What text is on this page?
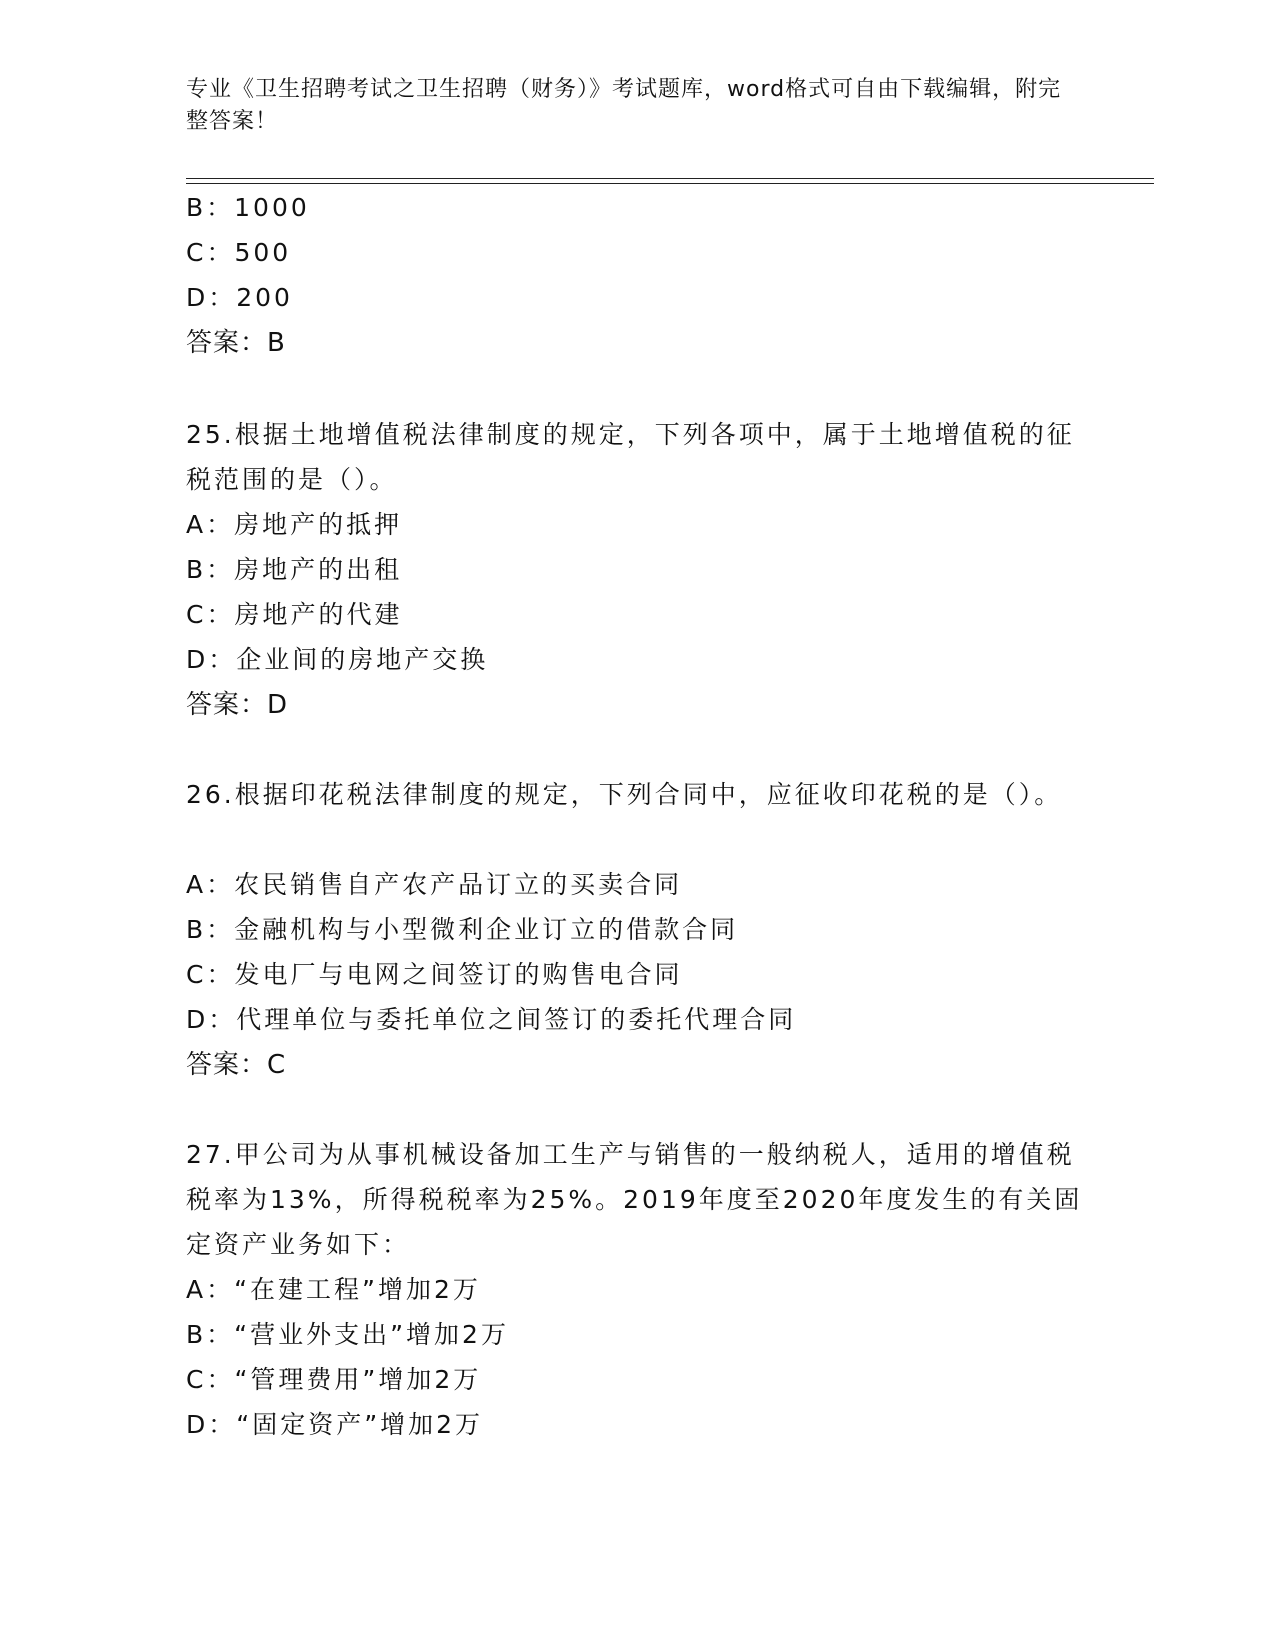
专业《卫生招聘考试之卫生招聘（财务）》考试题库，word格式可自由下载编辑，附完整答案！
B：1000
C：500
D：200
答案：B
25.根据土地增值税法律制度的规定，下列各项中，属于土地增值税的征税范围的是（）。
A：房地产的抵押
B：房地产的出租
C：房地产的代建
D：企业间的房地产交换
答案：D
26.根据印花税法律制度的规定，下列合同中，应征收印花税的是（）。
A：农民销售自产农产品订立的买卖合同
B：金融机构与小型微利企业订立的借款合同
C：发电厂与电网之间签订的购售电合同
D：代理单位与委托单位之间签订的委托代理合同
答案：C
27.甲公司为从事机械设备加工生产与销售的一般纳税人，适用的增值税税率为13%，所得税税率为25%。2019年度至2020年度发生的有关固定资产业务如下：
A：“在建工程”增加2万
B：“营业外支出”增加2万
C：“管理费用”增加2万
D：“固定资产”增加2万
